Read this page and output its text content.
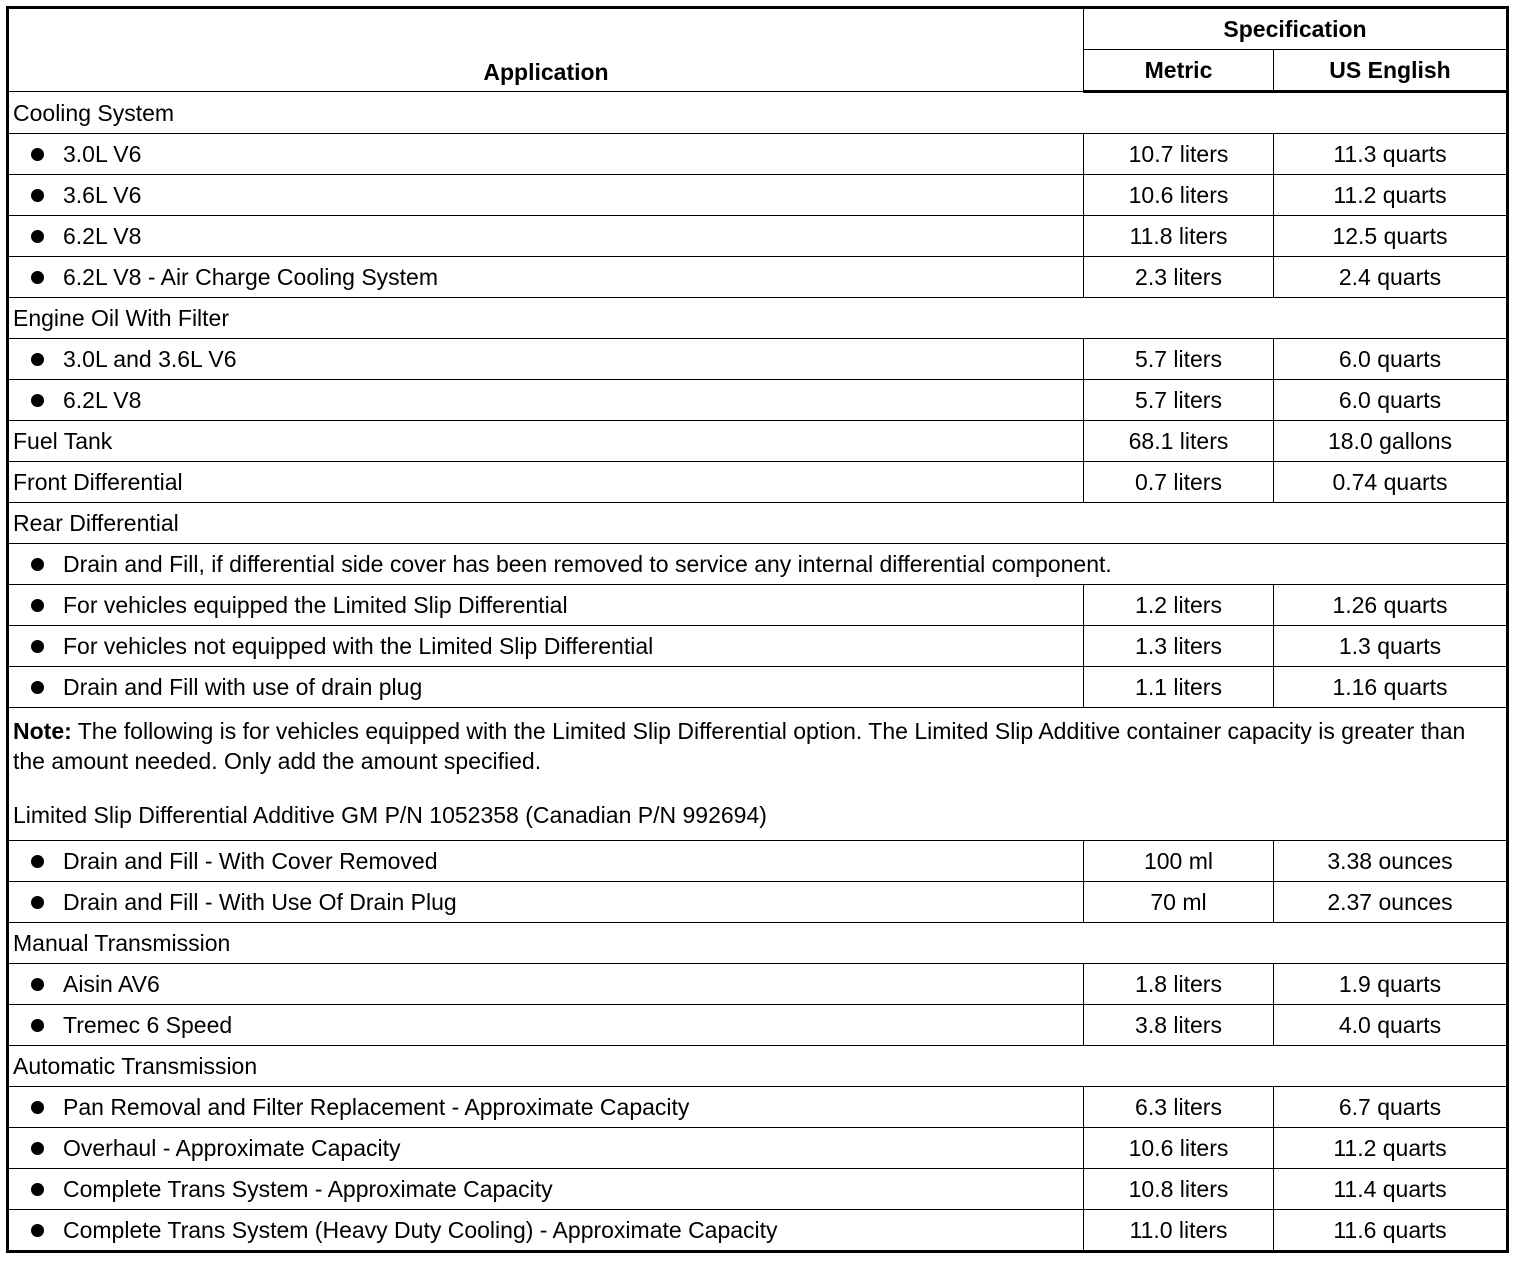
Application	Specification	
	Metric	US English
Cooling System		
3.0L V6	10.7 liters	11.3 quarts
3.6L V6	10.6 liters	11.2 quarts
6.2L V8	11.8 liters	12.5 quarts
6.2L V8 - Air Charge Cooling System	2.3 liters	2.4 quarts
Engine Oil With Filter		
3.0L and 3.6L V6	5.7 liters	6.0 quarts
6.2L V8	5.7 liters	6.0 quarts
Fuel Tank	68.1 liters	18.0 gallons
Front Differential	0.7 liters	0.74 quarts
Rear Differential		
Drain and Fill, if differential side cover has been removed to service any internal differential component.		
For vehicles equipped the Limited Slip Differential	1.2 liters	1.26 quarts
For vehicles not equipped with the Limited Slip Differential	1.3 liters	1.3 quarts
Drain and Fill with use of drain plug	1.1 liters	1.16 quarts

Note: The following is for vehicles equipped with the Limited Slip Differential option. The Limited Slip Additive container capacity is greater than the amount needed. Only add the amount specified.

Limited Slip Differential Additive GM P/N 1052358 (Canadian P/N 992694)		

Drain and Fill - With Cover Removed	100 ml	3.38 ounces
Drain and Fill - With Use Of Drain Plug	70 ml	2.37 ounces
Manual Transmission		
Aisin AV6	1.8 liters	1.9 quarts
Tremec 6 Speed	3.8 liters	4.0 quarts
Automatic Transmission		
Pan Removal and Filter Replacement - Approximate Capacity	6.3 liters	6.7 quarts
Overhaul - Approximate Capacity	10.6 liters	11.2 quarts
Complete Trans System - Approximate Capacity	10.8 liters	11.4 quarts
Complete Trans System (Heavy Duty Cooling) - Approximate Capacity	11.0 liters	11.6 quarts
